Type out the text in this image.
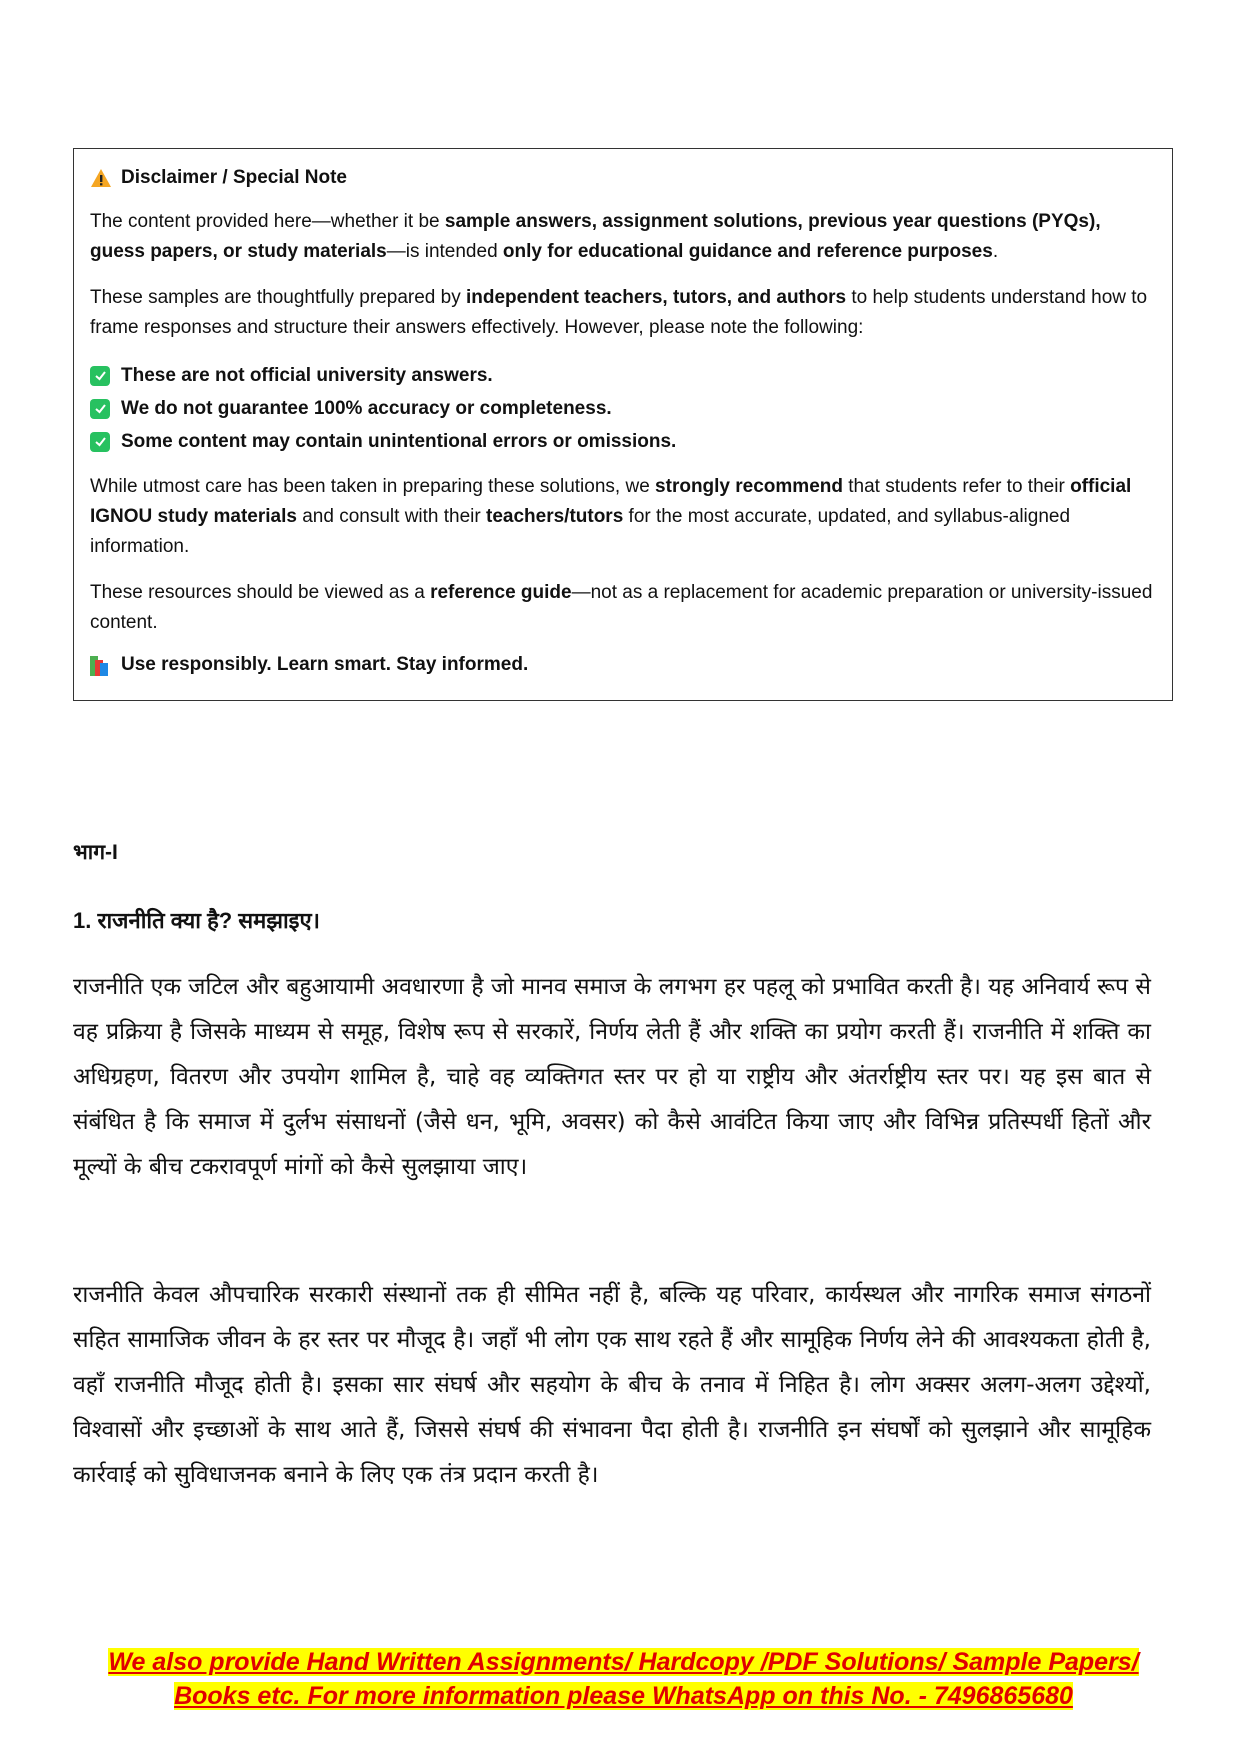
Disclaimer / Special Note

The content provided here—whether it be sample answers, assignment solutions, previous year questions (PYQs), guess papers, or study materials—is intended only for educational guidance and reference purposes.

These samples are thoughtfully prepared by independent teachers, tutors, and authors to help students understand how to frame responses and structure their answers effectively. However, please note the following:

These are not official university answers.
We do not guarantee 100% accuracy or completeness.
Some content may contain unintentional errors or omissions.

While utmost care has been taken in preparing these solutions, we strongly recommend that students refer to their official IGNOU study materials and consult with their teachers/tutors for the most accurate, updated, and syllabus-aligned information.

These resources should be viewed as a reference guide—not as a replacement for academic preparation or university-issued content.

Use responsibly. Learn smart. Stay informed.
भाग-I
1. राजनीति क्या है? समझाइए।

राजनीति एक जटिल और बहुआयामी अवधारणा है जो मानव समाज के लगभग हर पहलू को प्रभावित करती है। यह अनिवार्य रूप से वह प्रक्रिया है जिसके माध्यम से समूह, विशेष रूप से सरकारें, निर्णय लेती हैं और शक्ति का प्रयोग करती हैं। राजनीति में शक्ति का अधिग्रहण, वितरण और उपयोग शामिल है, चाहे वह व्यक्तिगत स्तर पर हो या राष्ट्रीय और अंतर्राष्ट्रीय स्तर पर। यह इस बात से संबंधित है कि समाज में दुर्लभ संसाधनों (जैसे धन, भूमि, अवसर) को कैसे आवंटित किया जाए और विभिन्न प्रतिस्पर्धी हितों और मूल्यों के बीच टकरावपूर्ण मांगों को कैसे सुलझाया जाए।

राजनीति केवल औपचारिक सरकारी संस्थानों तक ही सीमित नहीं है, बल्कि यह परिवार, कार्यस्थल और नागरिक समाज संगठनों सहित सामाजिक जीवन के हर स्तर पर मौजूद है। जहाँ भी लोग एक साथ रहते हैं और सामूहिक निर्णय लेने की आवश्यकता होती है, वहाँ राजनीति मौजूद होती है। इसका सार संघर्ष और सहयोग के बीच के तनाव में निहित है। लोग अक्सर अलग-अलग उद्देश्यों, विश्वासों और इच्छाओं के साथ आते हैं, जिससे संघर्ष की संभावना पैदा होती है। राजनीति इन संघर्षों को सुलझाने और सामूहिक कार्रवाई को सुविधाजनक बनाने के लिए एक तंत्र प्रदान करती है।

We also provide Hand Written Assignments/ Hardcopy /PDF Solutions/ Sample Papers/
Books etc. For more information please WhatsApp on this No. - 7496865680
